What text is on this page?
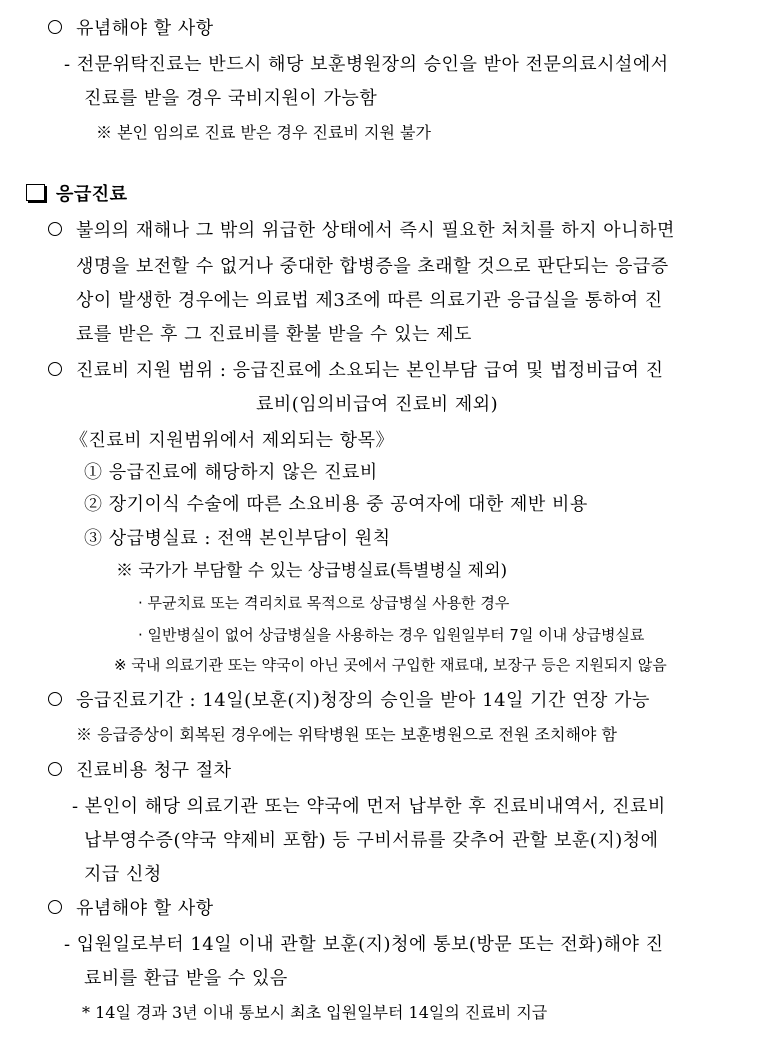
유념해야 할 사항
- 전문위탁진료는 반드시 해당 보훈병원장의 승인을 받아 전문의료시설에서
진료를 받을 경우 국비지원이 가능함
※ 본인 임의로 진료 받은 경우 진료비 지원 불가
응급진료
불의의 재해나 그 밖의 위급한 상태에서 즉시 필요한 처치를 하지 아니하면
생명을 보전할 수 없거나 중대한 합병증을 초래할 것으로 판단되는 응급증
상이 발생한 경우에는 의료법 제3조에 따른 의료기관 응급실을 통하여 진
료를 받은 후 그 진료비를 환불 받을 수 있는 제도
진료비 지원 범위 : 응급진료에 소요되는 본인부담 급여 및 법정비급여 진
료비(임의비급여 진료비 제외)
《진료비 지원범위에서 제외되는 항목》
① 응급진료에 해당하지 않은 진료비
② 장기이식 수술에 따른 소요비용 중 공여자에 대한 제반 비용
③ 상급병실료 : 전액 본인부담이 원칙
※ 국가가 부담할 수 있는 상급병실료(특별병실 제외)
· 무균치료 또는 격리치료 목적으로 상급병실 사용한 경우
· 일반병실이 없어 상급병실을 사용하는 경우 입원일부터 7일 이내 상급병실료
※ 국내 의료기관 또는 약국이 아닌 곳에서 구입한 재료대, 보장구 등은 지원되지 않음
응급진료기간 : 14일(보훈(지)청장의 승인을 받아 14일 기간 연장 가능
※ 응급증상이 회복된 경우에는 위탁병원 또는 보훈병원으로 전원 조치해야 함
진료비용 청구 절차
- 본인이 해당 의료기관 또는 약국에 먼저 납부한 후 진료비내역서, 진료비
납부영수증(약국 약제비 포함) 등 구비서류를 갖추어 관할 보훈(지)청에
지급 신청
유념해야 할 사항
- 입원일로부터 14일 이내 관할 보훈(지)청에 통보(방문 또는 전화)해야 진
료비를 환급 받을 수 있음
* 14일 경과 3년 이내 통보시 최초 입원일부터 14일의 진료비 지급
